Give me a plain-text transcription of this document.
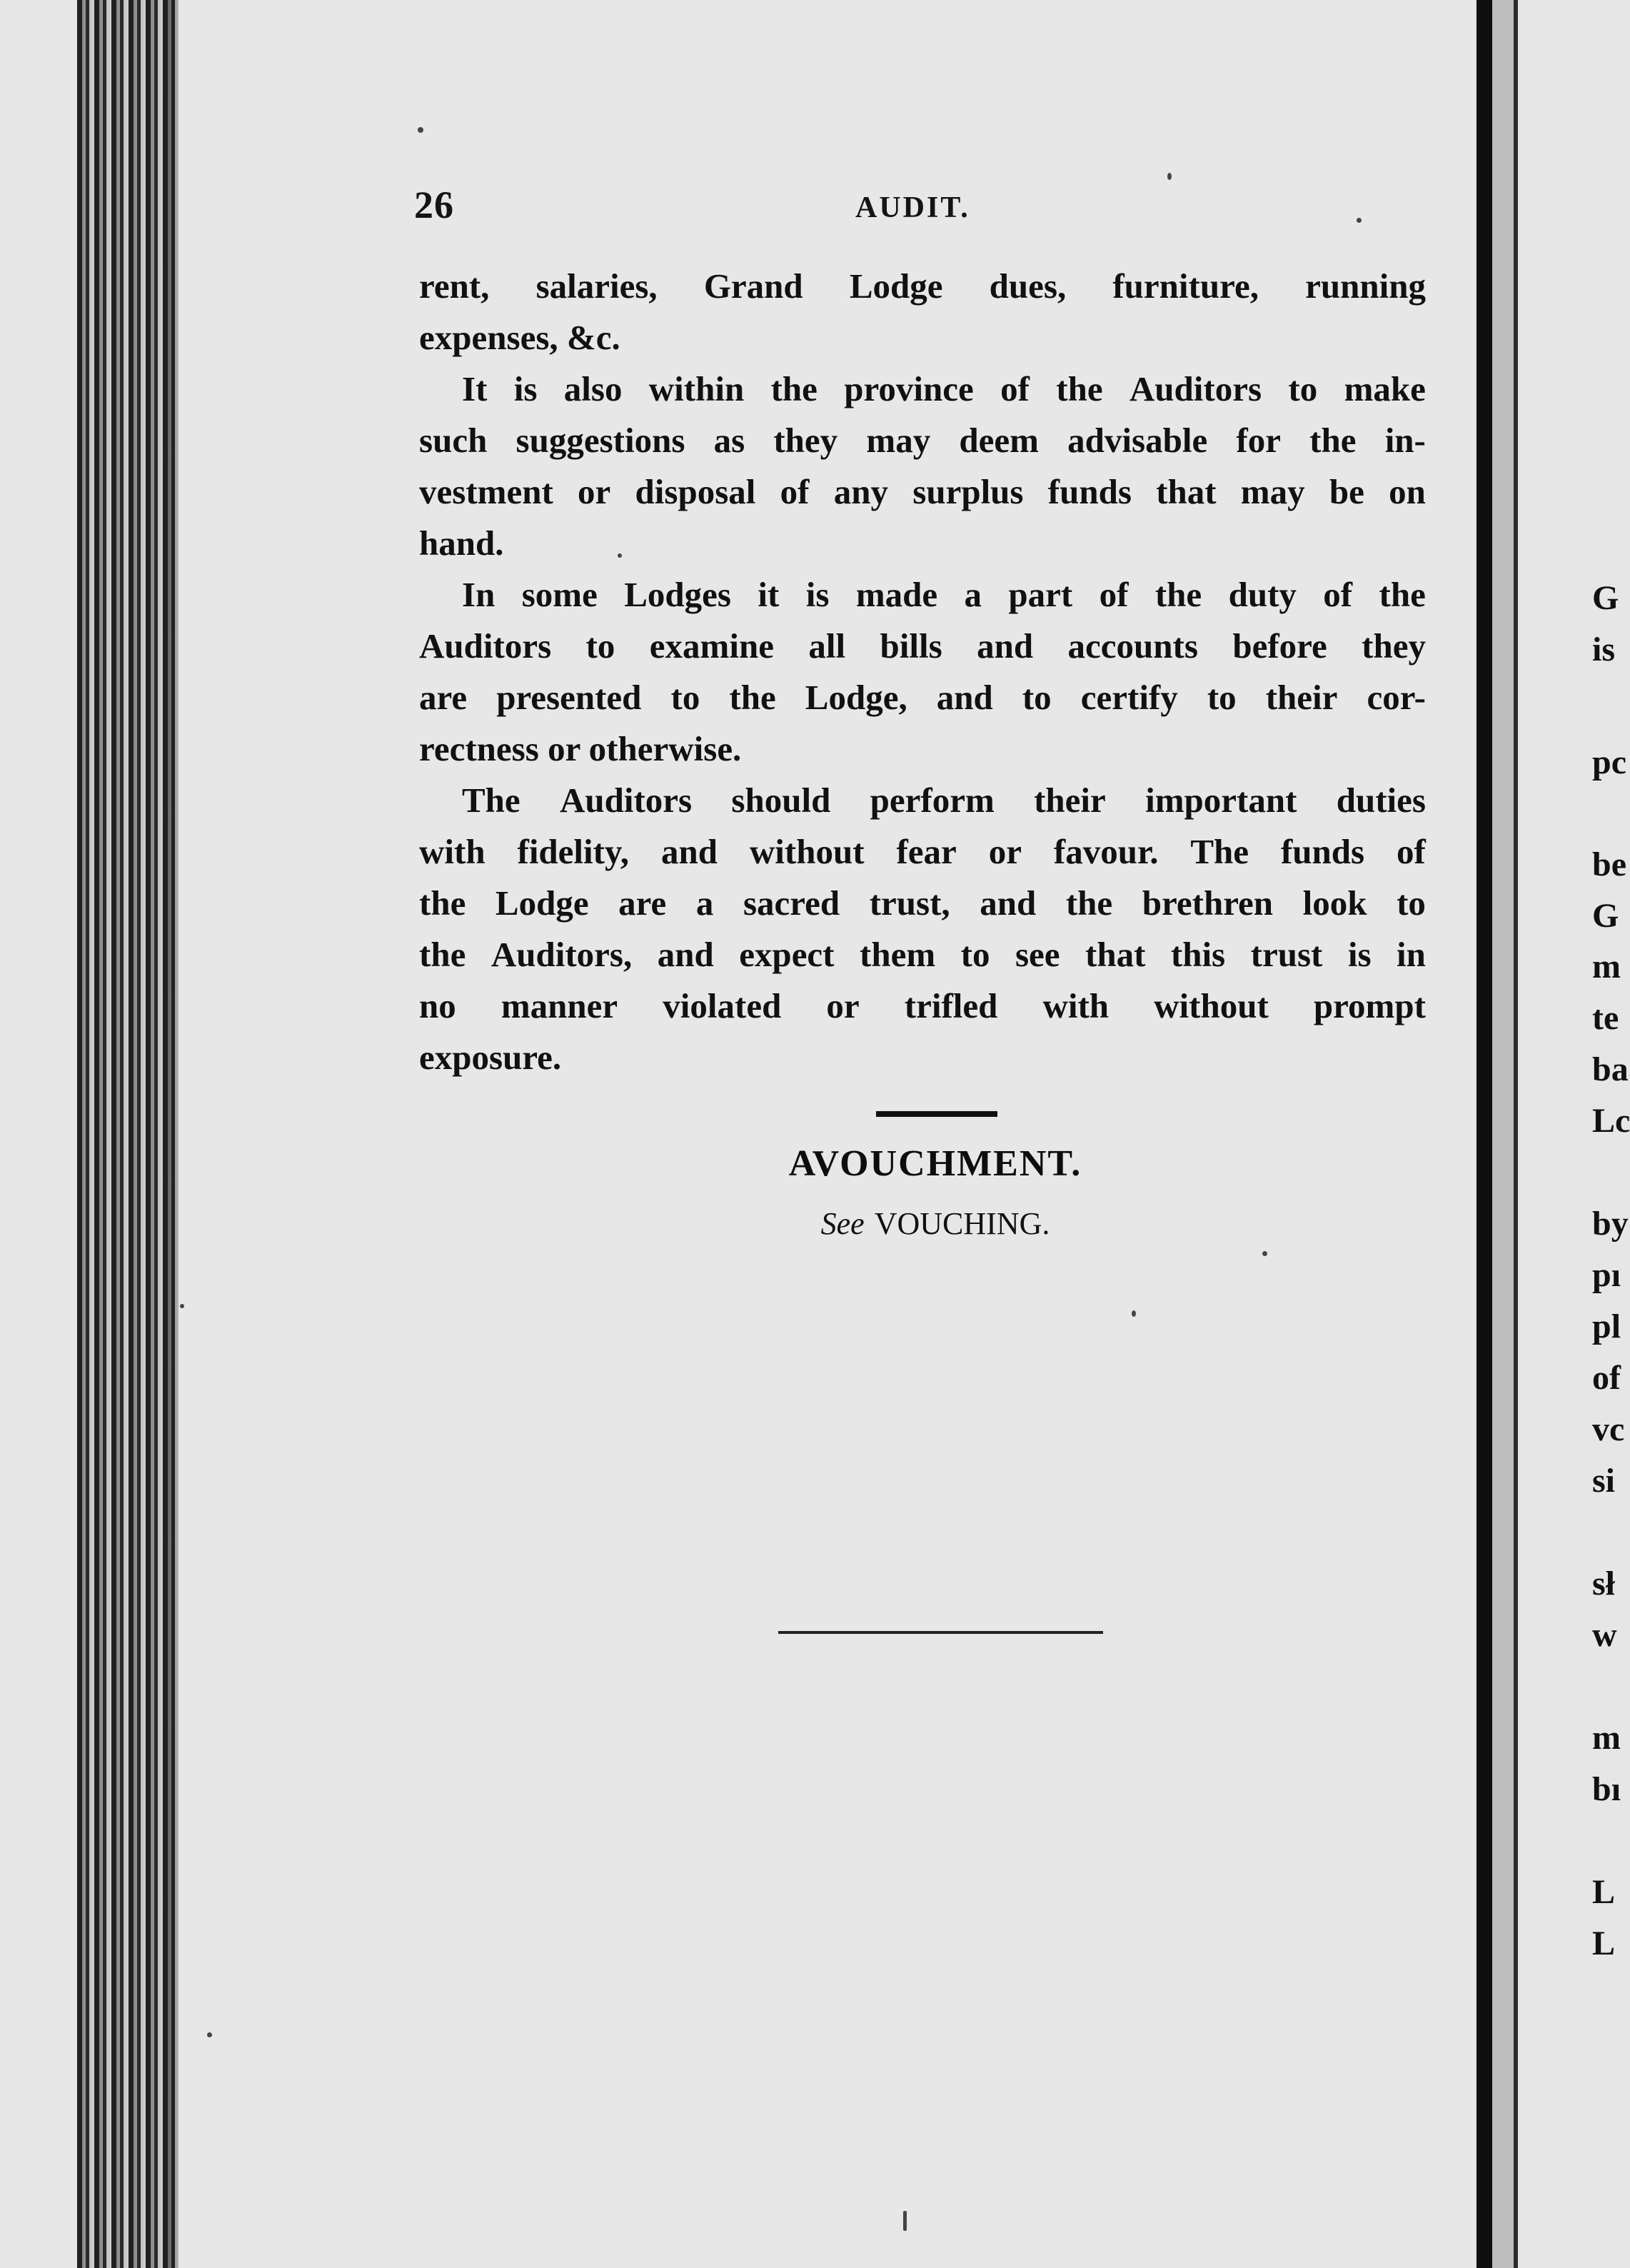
26	AUDIT.
rent, salaries, Grand Lodge dues, furniture, running
expenses, &c.
It is also within the province of the Auditors to make
such suggestions as they may deem advisable for the in-
vestment or disposal of any surplus funds that may be on
hand.
In some Lodges it is made a part of the duty of the
Auditors to examine all bills and accounts before they
are presented to the Lodge, and to certify to their cor-
rectness or otherwise.
The Auditors should perform their important duties
with fidelity, and without fear or favour. The funds of
the Lodge are a sacred trust, and the brethren look to
the Auditors, and expect them to see that this trust is in
no manner violated or trifled with without prompt
exposure.
AVOUCHMENT.
See VOUCHING.
G
is
pc
be
G
m
te
ba
Lc
by
pı
pl
of
vc
si
sł
w
m
bı
L
L
